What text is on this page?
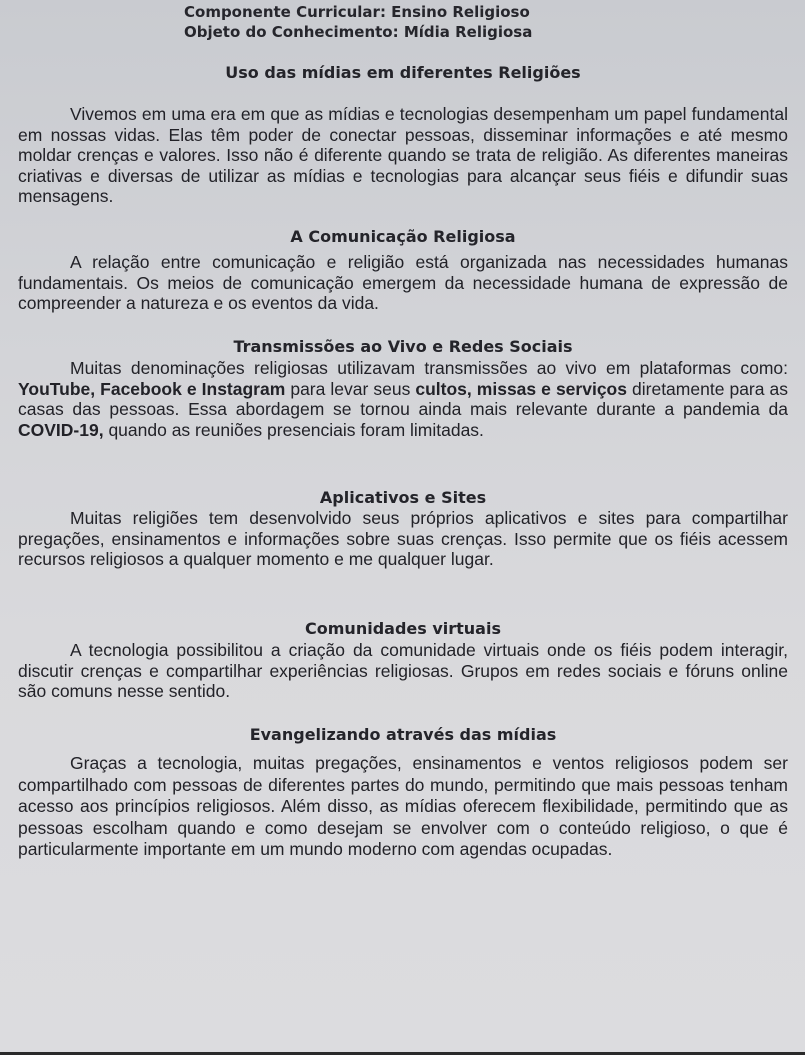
Componente Curricular: Ensino Religioso
Objeto do Conhecimento: Mídia Religiosa
Uso das mídias em diferentes Religiões

Vivemos em uma era em que as mídias e tecnologias desempenham um papel fundamental em nossas vidas. Elas têm poder de conectar pessoas, disseminar informações e até mesmo moldar crenças e valores. Isso não é diferente quando se trata de religião. As diferentes maneiras criativas e diversas de utilizar as mídias e tecnologias para alcançar seus fiéis e difundir suas mensagens.

A Comunicação Religiosa

A relação entre comunicação e religião está organizada nas necessidades humanas fundamentais. Os meios de comunicação emergem da necessidade humana de expressão de compreender a natureza e os eventos da vida.

Transmissões ao Vivo e Redes Sociais

Muitas denominações religiosas utilizavam transmissões ao vivo em plataformas como: YouTube, Facebook e Instagram para levar seus cultos, missas e serviços diretamente para as casas das pessoas. Essa abordagem se tornou ainda mais relevante durante a pandemia da COVID-19, quando as reuniões presenciais foram limitadas.

Aplicativos e Sites

Muitas religiões tem desenvolvido seus próprios aplicativos e sites para compartilhar pregações, ensinamentos e informações sobre suas crenças. Isso permite que os fiéis acessem recursos religiosos a qualquer momento e me qualquer lugar.

Comunidades virtuais

A tecnologia possibilitou a criação da comunidade virtuais onde os fiéis podem interagir, discutir crenças e compartilhar experiências religiosas. Grupos em redes sociais e fóruns online são comuns nesse sentido.

Evangelizando através das mídias

Graças a tecnologia, muitas pregações, ensinamentos e ventos religiosos podem ser compartilhado com pessoas de diferentes partes do mundo, permitindo que mais pessoas tenham acesso aos princípios religiosos. Além disso, as mídias oferecem flexibilidade, permitindo que as pessoas escolham quando e como desejam se envolver com o conteúdo religioso, o que é particularmente importante em um mundo moderno com agendas ocupadas.
